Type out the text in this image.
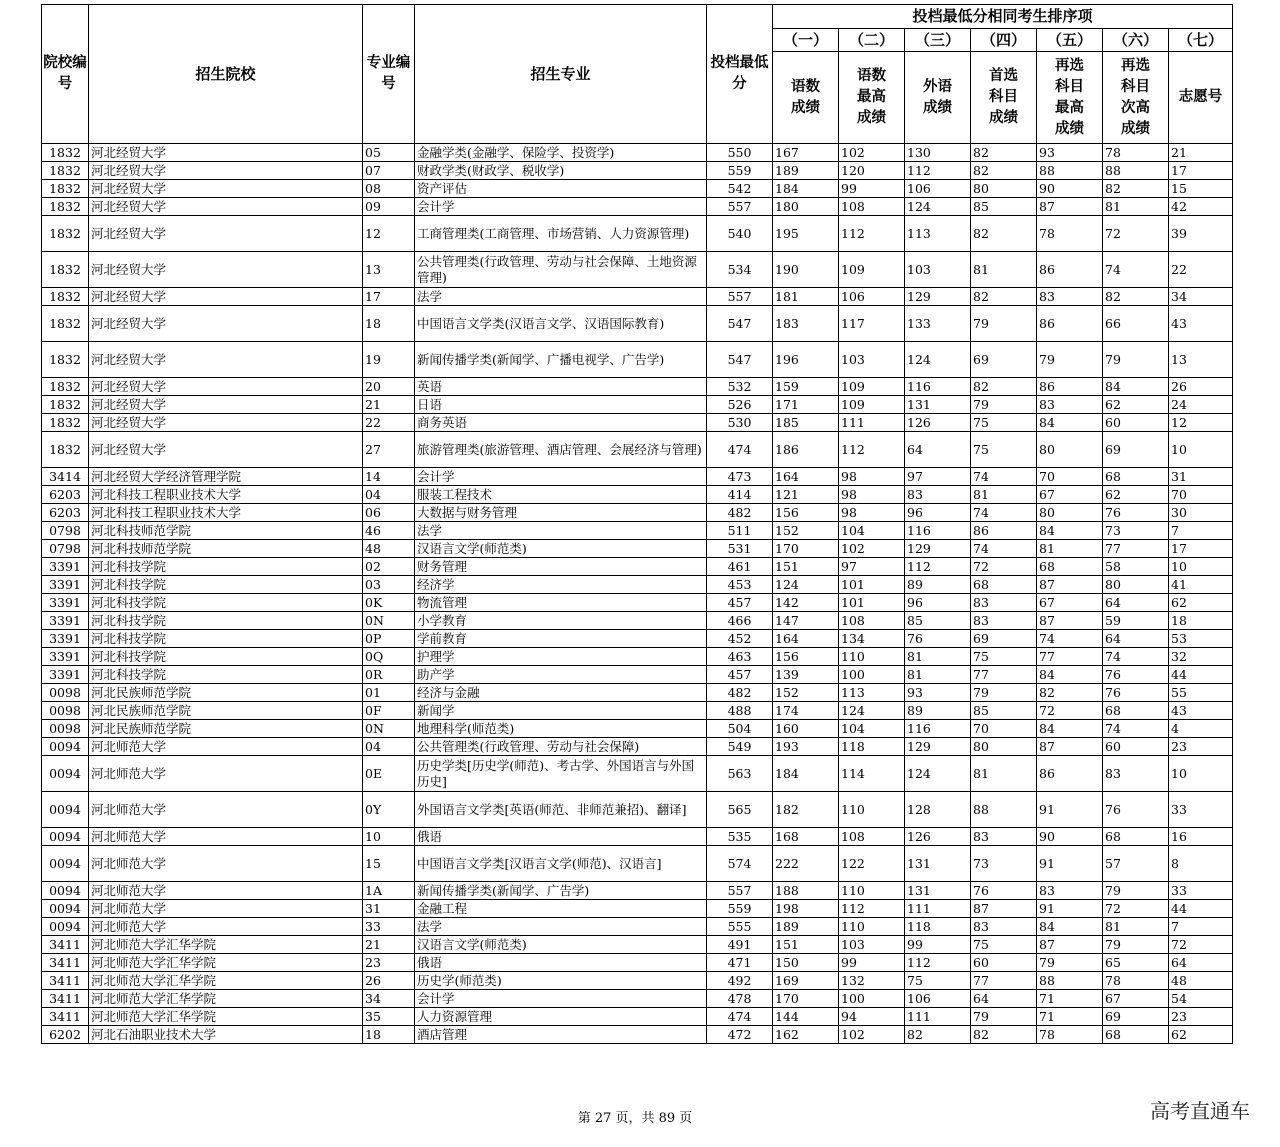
院校编号	招生院校	专业编号	招生专业	投档最低分	投档最低分相同考生排序项						
					（一）	（二）	（三）	（四）	（五）	（六）	（七）
					语数成绩	语数最高成绩	外语成绩	首选科目成绩	再选科目最高成绩	再选科目次高成绩	志愿号
1832	河北经贸大学	05	金融学类(金融学、保险学、投资学)	550	167	102	130	82	93	78	21
1832	河北经贸大学	07	财政学类(财政学、税收学)	559	189	120	112	82	88	88	17
1832	河北经贸大学	08	资产评估	542	184	99	106	80	90	82	15
1832	河北经贸大学	09	会计学	557	180	108	124	85	87	81	42
1832	河北经贸大学	12	工商管理类(工商管理、市场营销、人力资源管理)	540	195	112	113	82	78	72	39
1832	河北经贸大学	13	公共管理类(行政管理、劳动与社会保障、土地资源管理)	534	190	109	103	81	86	74	22
1832	河北经贸大学	17	法学	557	181	106	129	82	83	82	34
1832	河北经贸大学	18	中国语言文学类(汉语言文学、汉语国际教育)	547	183	117	133	79	86	66	43
1832	河北经贸大学	19	新闻传播学类(新闻学、广播电视学、广告学)	547	196	103	124	69	79	79	13
1832	河北经贸大学	20	英语	532	159	109	116	82	86	84	26
1832	河北经贸大学	21	日语	526	171	109	131	79	83	62	24
1832	河北经贸大学	22	商务英语	530	185	111	126	75	84	60	12
1832	河北经贸大学	27	旅游管理类(旅游管理、酒店管理、会展经济与管理)	474	186	112	64	75	80	69	10
3414	河北经贸大学经济管理学院	14	会计学	473	164	98	97	74	70	68	31
6203	河北科技工程职业技术大学	04	服装工程技术	414	121	98	83	81	67	62	70
6203	河北科技工程职业技术大学	06	大数据与财务管理	482	156	98	96	74	80	76	30
0798	河北科技师范学院	46	法学	511	152	104	116	86	84	73	7
0798	河北科技师范学院	48	汉语言文学(师范类)	531	170	102	129	74	81	77	17
3391	河北科技学院	02	财务管理	461	151	97	112	72	68	58	10
3391	河北科技学院	03	经济学	453	124	101	89	68	87	80	41
3391	河北科技学院	0K	物流管理	457	142	101	96	83	67	64	62
3391	河北科技学院	0N	小学教育	466	147	108	85	83	87	59	18
3391	河北科技学院	0P	学前教育	452	164	134	76	69	74	64	53
3391	河北科技学院	0Q	护理学	463	156	110	81	75	77	74	32
3391	河北科技学院	0R	助产学	457	139	100	81	77	84	76	44
0098	河北民族师范学院	01	经济与金融	482	152	113	93	79	82	76	55
0098	河北民族师范学院	0F	新闻学	488	174	124	89	85	72	68	43
0098	河北民族师范学院	0N	地理科学(师范类)	504	160	104	116	70	84	74	4
0094	河北师范大学	04	公共管理类(行政管理、劳动与社会保障)	549	193	118	129	80	87	60	23
0094	河北师范大学	0E	历史学类[历史学(师范)、考古学、外国语言与外国历史]	563	184	114	124	81	86	83	10
0094	河北师范大学	0Y	外国语言文学类[英语(师范、非师范兼招)、翻译]	565	182	110	128	88	91	76	33
0094	河北师范大学	10	俄语	535	168	108	126	83	90	68	16
0094	河北师范大学	15	中国语言文学类[汉语言文学(师范)、汉语言]	574	222	122	131	73	91	57	8
0094	河北师范大学	1A	新闻传播学类(新闻学、广告学)	557	188	110	131	76	83	79	33
0094	河北师范大学	31	金融工程	559	198	112	111	87	91	72	44
0094	河北师范大学	33	法学	555	189	110	118	83	84	81	7
3411	河北师范大学汇华学院	21	汉语言文学(师范类)	491	151	103	99	75	87	79	72
3411	河北师范大学汇华学院	23	俄语	471	150	99	112	60	79	65	64
3411	河北师范大学汇华学院	26	历史学(师范类)	492	169	132	75	77	88	78	48
3411	河北师范大学汇华学院	34	会计学	478	170	100	106	64	71	67	54
3411	河北师范大学汇华学院	35	人力资源管理	474	144	94	111	79	71	69	23
6202	河北石油职业技术大学	18	酒店管理	472	162	102	82	82	78	68	62
第 27 页，共 89 页	高考直通车
